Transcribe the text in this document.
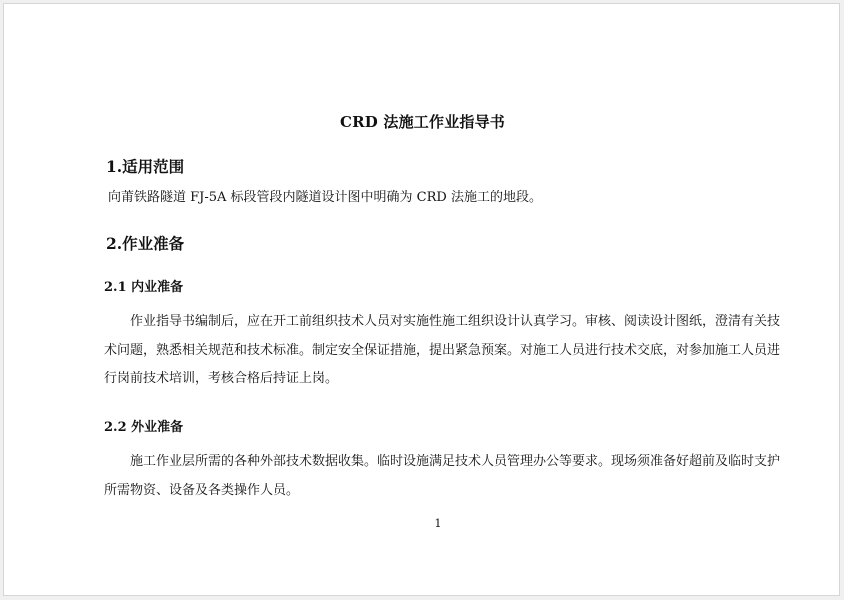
CRD 法施工作业指导书
1.适用范围
向莆铁路隧道 FJ-5A 标段管段内隧道设计图中明确为 CRD 法施工的地段。
2.作业准备
2.1 内业准备
作业指导书编制后，应在开工前组织技术人员对实施性施工组织设计认真学习。审核、阅读设计图纸，澄清有关技术问题，熟悉相关规范和技术标准。制定安全保证措施，提出紧急预案。对施工人员进行技术交底，对参加施工人员进行岗前技术培训，考核合格后持证上岗。
2.2 外业准备
施工作业层所需的各种外部技术数据收集。临时设施满足技术人员管理办公等要求。现场须准备好超前及临时支护所需物资、设备及各类操作人员。
1
